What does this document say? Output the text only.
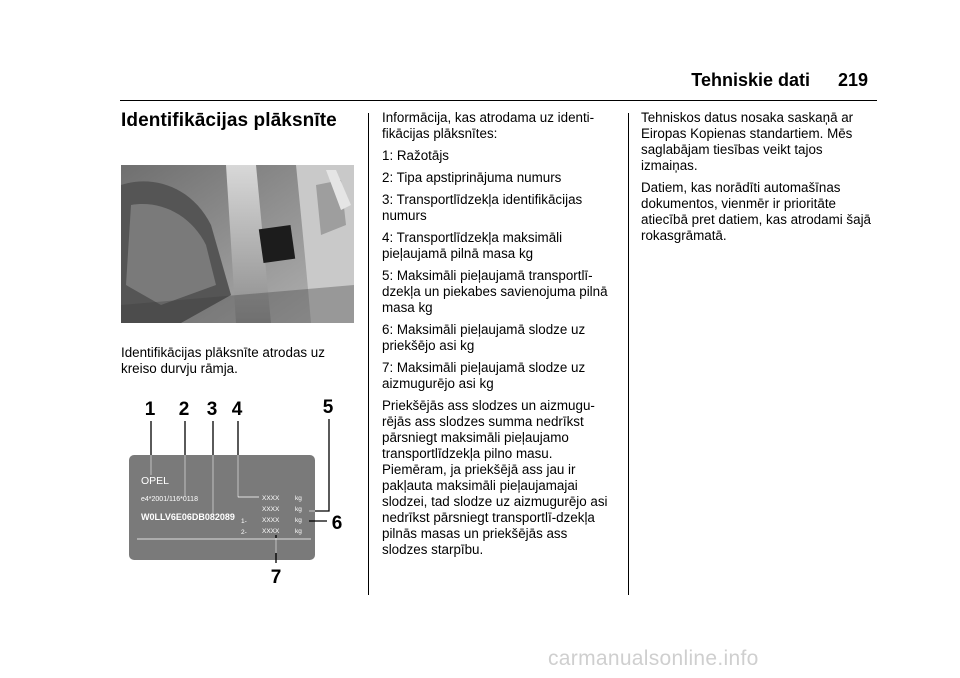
Tehniskie dati 219
Identifikācijas plāksnīte
Identifikācijas plāksnīte atrodas uz kreiso durvju rāmja.
1 2 3 4	5
6
7
OPEL
e4*2001/116*0118
W0LLV6E06DB082089
XXXX kg
XXXX kg
1- XXXX kg
2- XXXX kg

Informācija, kas atrodama uz identi-fikācijas plāksnītes:

1: Ražotājs

2: Tipa apstiprinājuma numurs

3: Transportlīdzekļa identifikācijas numurs

4: Transportlīdzekļa maksimāli pieļaujamā pilnā masa kg

5: Maksimāli pieļaujamā transportlī-dzekļa un piekabes savienojuma pilnā masa kg

6: Maksimāli pieļaujamā slodze uz priekšējo asi kg

7: Maksimāli pieļaujamā slodze uz aizmugurējo asi kg

Priekšējās ass slodzes un aizmugu-rējās ass slodzes summa nedrīkst pārsniegt maksimāli pieļaujamo transportlīdzekļa pilno masu. Piemēram, ja priekšējā ass jau ir pakļauta maksimāli pieļaujamajai slodzei, tad slodze uz aizmugurējo asi nedrīkst pārsniegt transportlī-dzekļa pilnās masas un priekšējās ass slodzes starpību.

Tehniskos datus nosaka saskaņā ar Eiropas Kopienas standartiem. Mēs saglabājam tiesības veikt tajos izmaiņas.

Datiem, kas norādīti automašīnas dokumentos, vienmēr ir prioritāte atiecībā pret datiem, kas atrodami šajā rokasgrāmatā.

carmanualsonline.info
